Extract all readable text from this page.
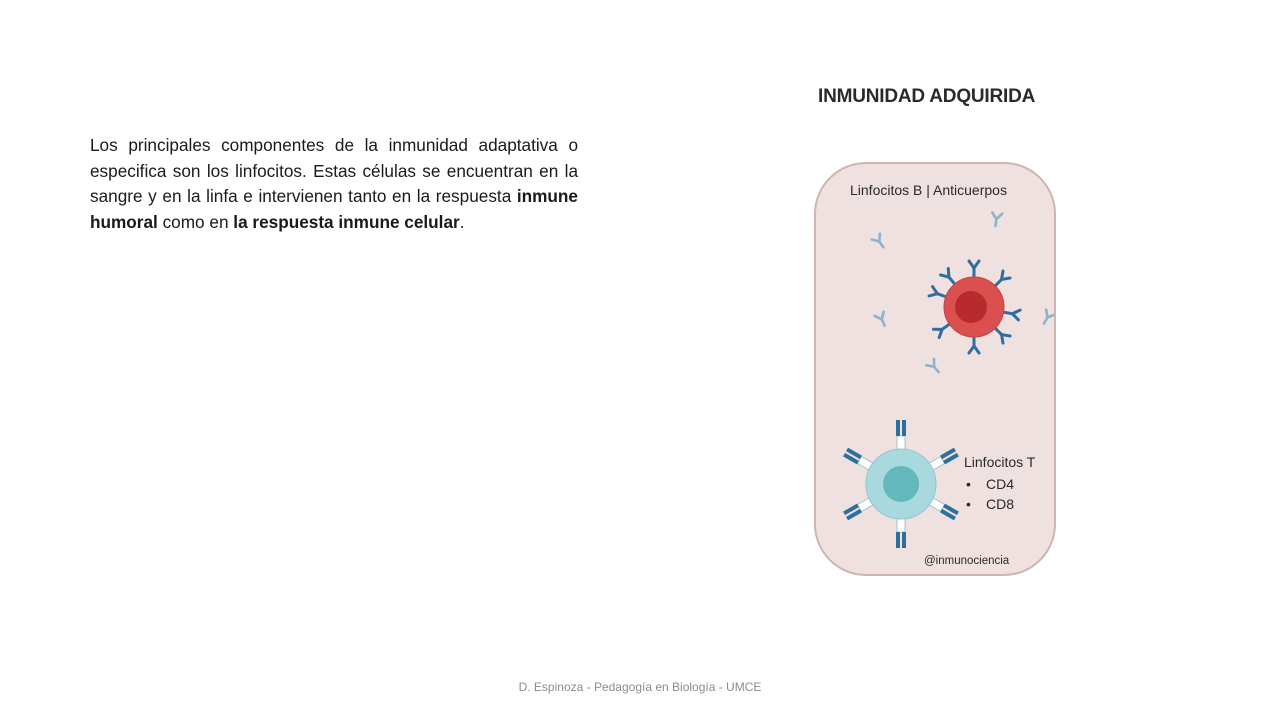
Los principales componentes de la inmunidad adaptativa o especifica son los linfocitos. Estas células se encuentran en la sangre y en la linfa e intervienen tanto en la respuesta inmune humoral como en la respuesta inmune celular.

INMUNIDAD ADQUIRIDA
Linfocitos B | Anticuerpos
Linfocitos T
• CD4
• CD8
@inmunociencia
D. Espinoza - Pedagogía en Biología - UMCE
